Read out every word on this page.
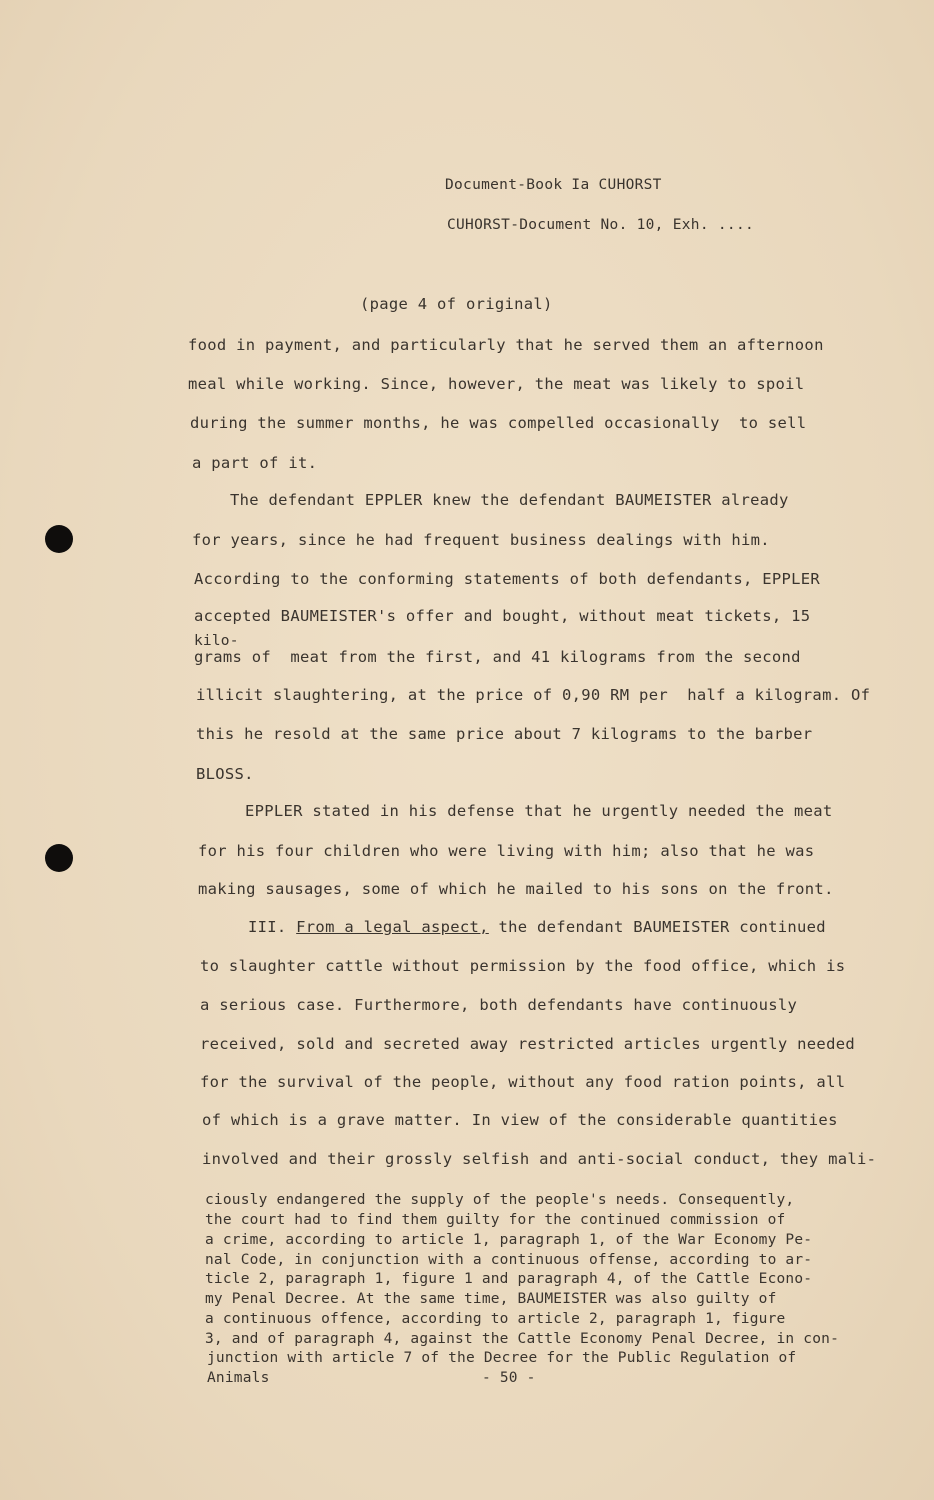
Document-Book Ia CUHORST
CUHORST-Document No. 10, Exh. ....
(page 4 of original)
food in payment, and particularly that he served them an afternoon
meal while working. Since, however, the meat was likely to spoil
during the summer months, he was compelled occasionally  to sell
a part of it.
The defendant EPPLER knew the defendant BAUMEISTER already
for years, since he had frequent business dealings with him.
According to the conforming statements of both defendants, EPPLER
accepted BAUMEISTER's offer and bought, without meat tickets, 15
kilo-
grams of  meat from the first, and 41 kilograms from the second
illicit slaughtering, at the price of 0,90 RM per  half a kilogram. Of
this he resold at the same price about 7 kilograms to the barber
BLOSS.
EPPLER stated in his defense that he urgently needed the meat
for his four children who were living with him; also that he was
making sausages, some of which he mailed to his sons on the front.
III. From a legal aspect, the defendant BAUMEISTER continued
to slaughter cattle without permission by the food office, which is
a serious case. Furthermore, both defendants have continuously
received, sold and secreted away restricted articles urgently needed
for the survival of the people, without any food ration points, all
of which is a grave matter. In view of the considerable quantities
involved and their grossly selfish and anti-social conduct, they mali-
ciously endangered the supply of the people's needs. Consequently,
the court had to find them guilty for the continued commission of
a crime, according to article 1, paragraph 1, of the War Economy Pe-
nal Code, in conjunction with a continuous offense, according to ar-
ticle 2, paragraph 1, figure 1 and paragraph 4, of the Cattle Econo-
my Penal Decree. At the same time, BAUMEISTER was also guilty of
a continuous offence, according to article 2, paragraph 1, figure
3, and of paragraph 4, against the Cattle Economy Penal Decree, in con-
junction with article 7 of the Decree for the Public Regulation of
Animals	- 50 -
